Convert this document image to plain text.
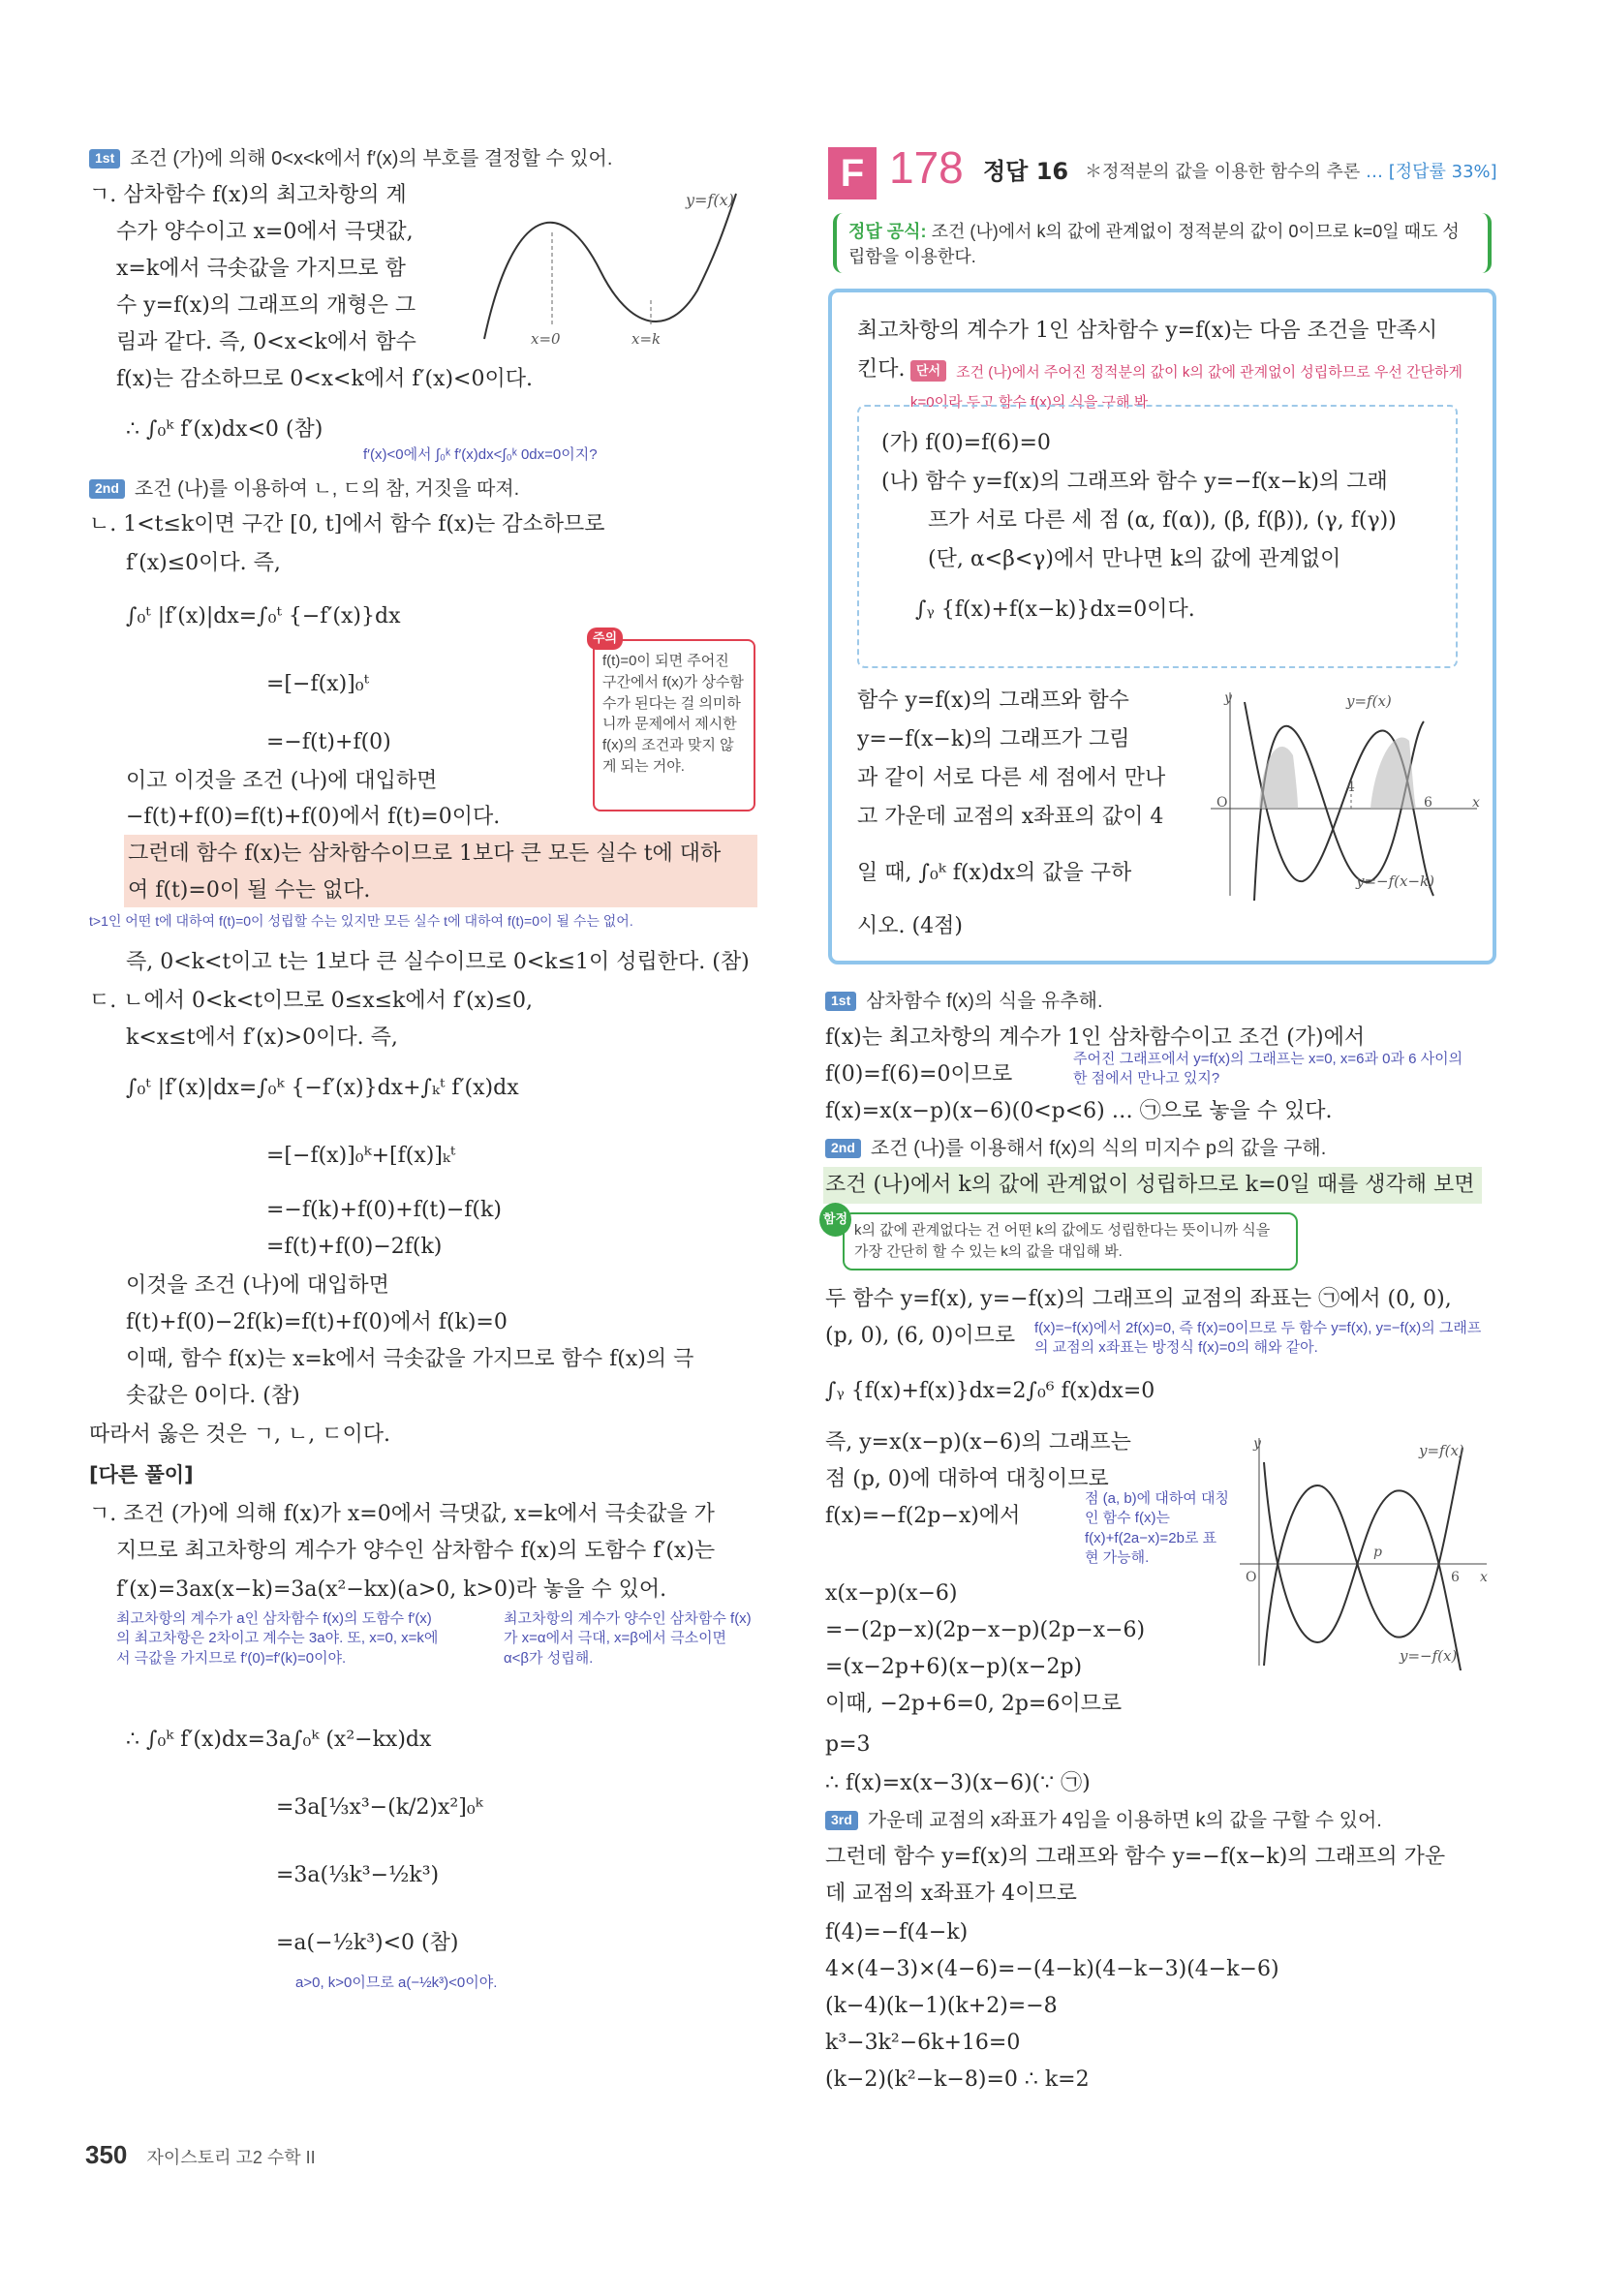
1st 조건 (가)에 의해 0<x<k에서 f′(x)의 부호를 결정할 수 있어.
ㄱ. 삼차함수 f(x)의 최고차항의 계
수가 양수이고 x=0에서 극댓값,
x=k에서 극솟값을 가지므로 함
수 y=f(x)의 그래프의 개형은 그
림과 같다. 즉, 0<x<k에서 함수
f(x)는 감소하므로 0<x<k에서 f′(x)<0이다.
y=f(x)
x=0	x=k
∴ ∫₀ᵏ f′(x)dx<0 (참)
f′(x)<0에서 ∫₀ᵏ f′(x)dx<∫₀ᵏ 0dx=0이지?
2nd 조건 (나)를 이용하여 ㄴ, ㄷ의 참, 거짓을 따져.
ㄴ. 1<t≤k이면 구간 [0, t]에서 함수 f(x)는 감소하므로
f′(x)≤0이다. 즉,
∫₀ᵗ |f′(x)|dx=∫₀ᵗ {−f′(x)}dx
=[−f(x)]₀ᵗ
=−f(t)+f(0)
이고 이것을 조건 (나)에 대입하면
−f(t)+f(0)=f(t)+f(0)에서 f(t)=0이다.
주의
f(t)=0이 되면 주어진 구간에서 f(x)가 상수함수가 된다는 걸 의미하니까 문제에서 제시한 f(x)의 조건과 맞지 않게 되는 거야.
그런데 함수 f(x)는 삼차함수이므로 1보다 큰 모든 실수 t에 대하
여 f(t)=0이 될 수는 없다.
t>1인 어떤 t에 대하여 f(t)=0이 성립할 수는 있지만 모든 실수 t에 대하여 f(t)=0이 될 수는 없어.
즉, 0<k<t이고 t는 1보다 큰 실수이므로 0<k≤1이 성립한다. (참)
ㄷ. ㄴ에서 0<k<t이므로 0≤x≤k에서 f′(x)≤0,
k<x≤t에서 f′(x)>0이다. 즉,
∫₀ᵗ |f′(x)|dx=∫₀ᵏ {−f′(x)}dx+∫ₖᵗ f′(x)dx
=[−f(x)]₀ᵏ+[f(x)]ₖᵗ
=−f(k)+f(0)+f(t)−f(k)
=f(t)+f(0)−2f(k)
이것을 조건 (나)에 대입하면
f(t)+f(0)−2f(k)=f(t)+f(0)에서 f(k)=0
이때, 함수 f(x)는 x=k에서 극솟값을 가지므로 함수 f(x)의 극
솟값은 0이다. (참)
따라서 옳은 것은 ㄱ, ㄴ, ㄷ이다.
[다른 풀이]
ㄱ. 조건 (가)에 의해 f(x)가 x=0에서 극댓값, x=k에서 극솟값을 가
지므로 최고차항의 계수가 양수인 삼차함수 f(x)의 도함수 f′(x)는
f′(x)=3ax(x−k)=3a(x²−kx)(a>0, k>0)라 놓을 수 있어.
최고차항의 계수가 a인 삼차함수 f(x)의 도함수 f′(x)의 최고차항은 2차이고 계수는 3a야. 또, x=0, x=k에서 극값을 가지므로 f′(0)=f′(k)=0이야.
최고차항의 계수가 양수인 삼차함수 f(x)가 x=α에서 극대, x=β에서 극소이면 α<β가 성립해.
∴ ∫₀ᵏ f′(x)dx=3a∫₀ᵏ (x²−kx)dx
=3a[⅓x³−(k/2)x²]₀ᵏ
=3a(⅓k³−½k³)
=a(−½k³)<0 (참)
a>0, k>0이므로 a(−½k³)<0이야.
F 178 정답 16 ＊정적분의 값을 이용한 함수의 추론 … [정답률 33%]
정답 공식: 조건 (나)에서 k의 값에 관계없이 정적분의 값이 0이므로 k=0일 때도 성립함을 이용한다.
최고차항의 계수가 1인 삼차함수 y=f(x)는 다음 조건을 만족시
킨다. 단서 조건 (나)에서 주어진 정적분의 값이 k의 값에 관계없이 성립하므로 우선 간단하게 k=0이라 두고 함수 f(x)의 식을 구해 봐.
(가) f(0)=f(6)=0
(나) 함수 y=f(x)의 그래프와 함수 y=−f(x−k)의 그래
프가 서로 다른 세 점 (α, f(α)), (β, f(β)), (γ, f(γ))
(단, α<β<γ)에서 만나면 k의 값에 관계없이
∫ᵧ {f(x)+f(x−k)}dx=0이다.
함수 y=f(x)의 그래프와 함수
y=−f(x−k)의 그래프가 그림
과 같이 서로 다른 세 점에서 만나
고 가운데 교점의 x좌표의 값이 4
일 때, ∫₀ᵏ f(x)dx의 값을 구하
시오. (4점)
y
x
O
4
6
y=f(x)
y=−f(x−k)
1st 삼차함수 f(x)의 식을 유추해.
f(x)는 최고차항의 계수가 1인 삼차함수이고 조건 (가)에서
f(0)=f(6)=0이므로
주어진 그래프에서 y=f(x)의 그래프는 x=0, x=6과 0과 6 사이의 한 점에서 만나고 있지?
f(x)=x(x−p)(x−6)(0<p<6) … ㉠으로 놓을 수 있다.
2nd 조건 (나)를 이용해서 f(x)의 식의 미지수 p의 값을 구해.
조건 (나)에서 k의 값에 관계없이 성립하므로 k=0일 때를 생각해 보면
함정
k의 값에 관계없다는 건 어떤 k의 값에도 성립한다는 뜻이니까 식을 가장 간단히 할 수 있는 k의 값을 대입해 봐.
두 함수 y=f(x), y=−f(x)의 그래프의 교점의 좌표는 ㉠에서 (0, 0),
(p, 0), (6, 0)이므로 f(x)=−f(x)에서 2f(x)=0, 즉 f(x)=0이므로 두 함수 y=f(x), y=−f(x)의 그래프의 교점의 x좌표는 방정식 f(x)=0의 해와 같아.
∫ᵧ {f(x)+f(x)}dx=2∫₀⁶ f(x)dx=0
즉, y=x(x−p)(x−6)의 그래프는
점 (p, 0)에 대하여 대칭이므로
f(x)=−f(2p−x)에서
점 (a, b)에 대하여 대칭인 함수 f(x)는 f(x)+f(2a−x)=2b로 표현 가능해.
x(x−p)(x−6)
=−(2p−x)(2p−x−p)(2p−x−6)
=(x−2p+6)(x−p)(x−2p)
이때, −2p+6=0, 2p=6이므로
p=3
∴ f(x)=x(x−3)(x−6)(∵ ㉠)
y
x
O
p
6
y=f(x)
y=−f(x)
3rd 가운데 교점의 x좌표가 4임을 이용하면 k의 값을 구할 수 있어.
그런데 함수 y=f(x)의 그래프와 함수 y=−f(x−k)의 그래프의 가운
데 교점의 x좌표가 4이므로
f(4)=−f(4−k)
4×(4−3)×(4−6)=−(4−k)(4−k−3)(4−k−6)
(k−4)(k−1)(k+2)=−8
k³−3k²−6k+16=0
(k−2)(k²−k−8)=0 ∴ k=2
350 자이스토리 고2 수학 II
